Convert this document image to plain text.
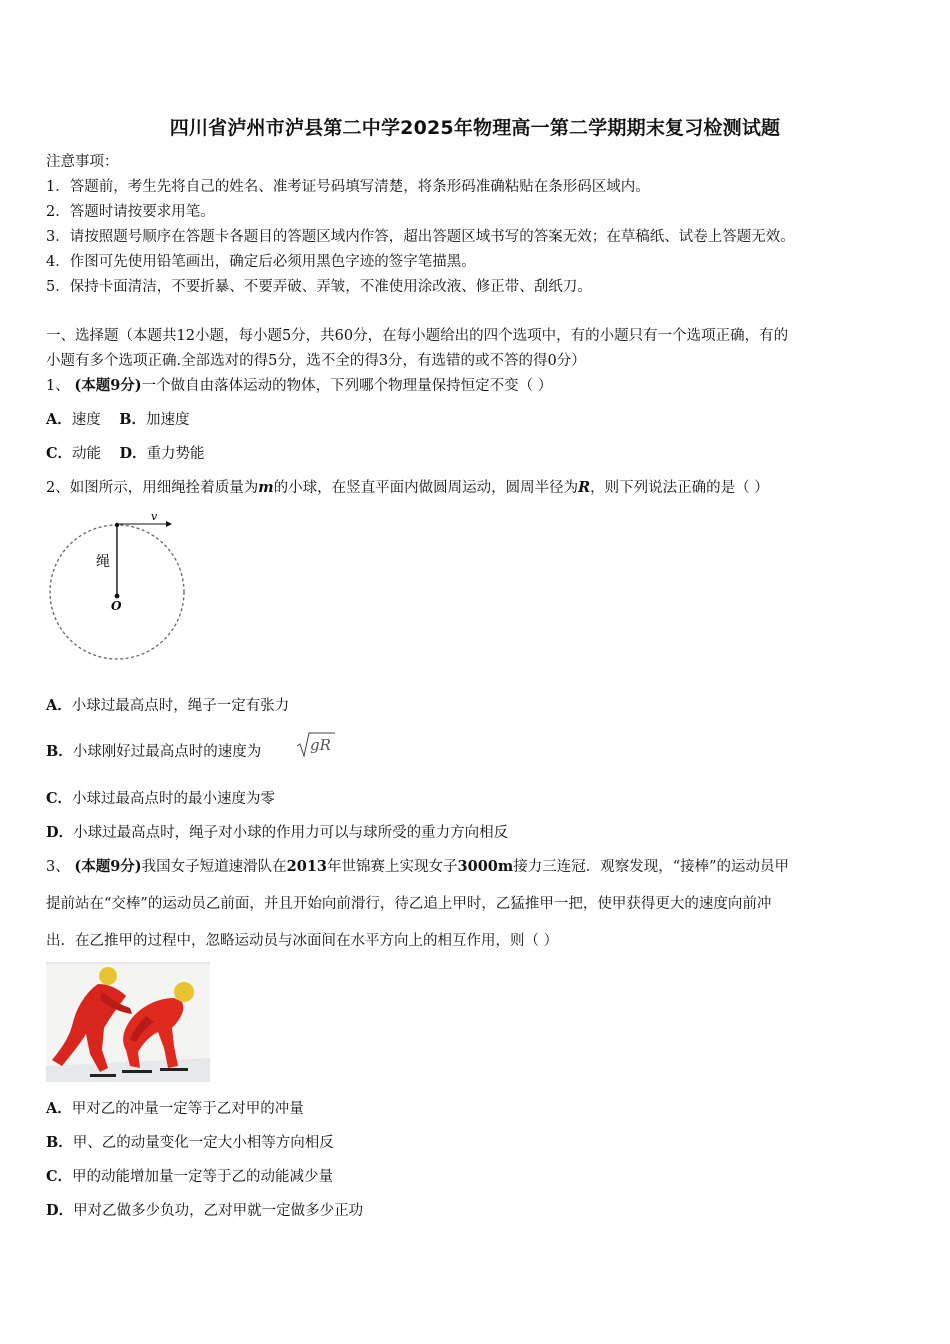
四川省泸州市泸县第二中学2025年物理高一第二学期期末复习检测试题
注意事项：
1．答题前，考生先将自己的姓名、准考证号码填写清楚，将条形码准确粘贴在条形码区域内。
2．答题时请按要求用笔。
3．请按照题号顺序在答题卡各题目的答题区域内作答，超出答题区域书写的答案无效；在草稿纸、试卷上答题无效。
4．作图可先使用铅笔画出，确定后必须用黑色字迹的签字笔描黑。
5．保持卡面清洁，不要折暴、不要弄破、弄皱，不准使用涂改液、修正带、刮纸刀。
一、选择题（本题共12小题，每小题5分，共60分，在每小题给出的四个选项中，有的小题只有一个选项正确，有的
小题有多个选项正确.全部选对的得5分，选不全的得3分，有选错的或不答的得0分）
1、 (本题9分)一个做自由落体运动的物体，下列哪个物理量保持恒定不变（ ）
A．速度 B．加速度
C．动能 D．重力势能
2、如图所示，用细绳拴着质量为m的小球，在竖直平面内做圆周运动，圆周半径为R，则下列说法正确的是（ ）
v
绳
O
A．小球过最高点时，绳子一定有张力
B．小球刚好过最高点时的速度为	gR
C．小球过最高点时的最小速度为零
D．小球过最高点时，绳子对小球的作用力可以与球所受的重力方向相反
3、 (本题9分)我国女子短道速滑队在2013年世锦赛上实现女子3000m接力三连冠．观察发现，“接棒”的运动员甲
提前站在“交棒”的运动员乙前面，并且开始向前滑行，待乙追上甲时，乙猛推甲一把，使甲获得更大的速度向前冲
出．在乙推甲的过程中，忽略运动员与冰面间在水平方向上的相互作用，则（ ）
A．甲对乙的冲量一定等于乙对甲的冲量
B．甲、乙的动量变化一定大小相等方向相反
C．甲的动能增加量一定等于乙的动能减少量
D．甲对乙做多少负功，乙对甲就一定做多少正功
